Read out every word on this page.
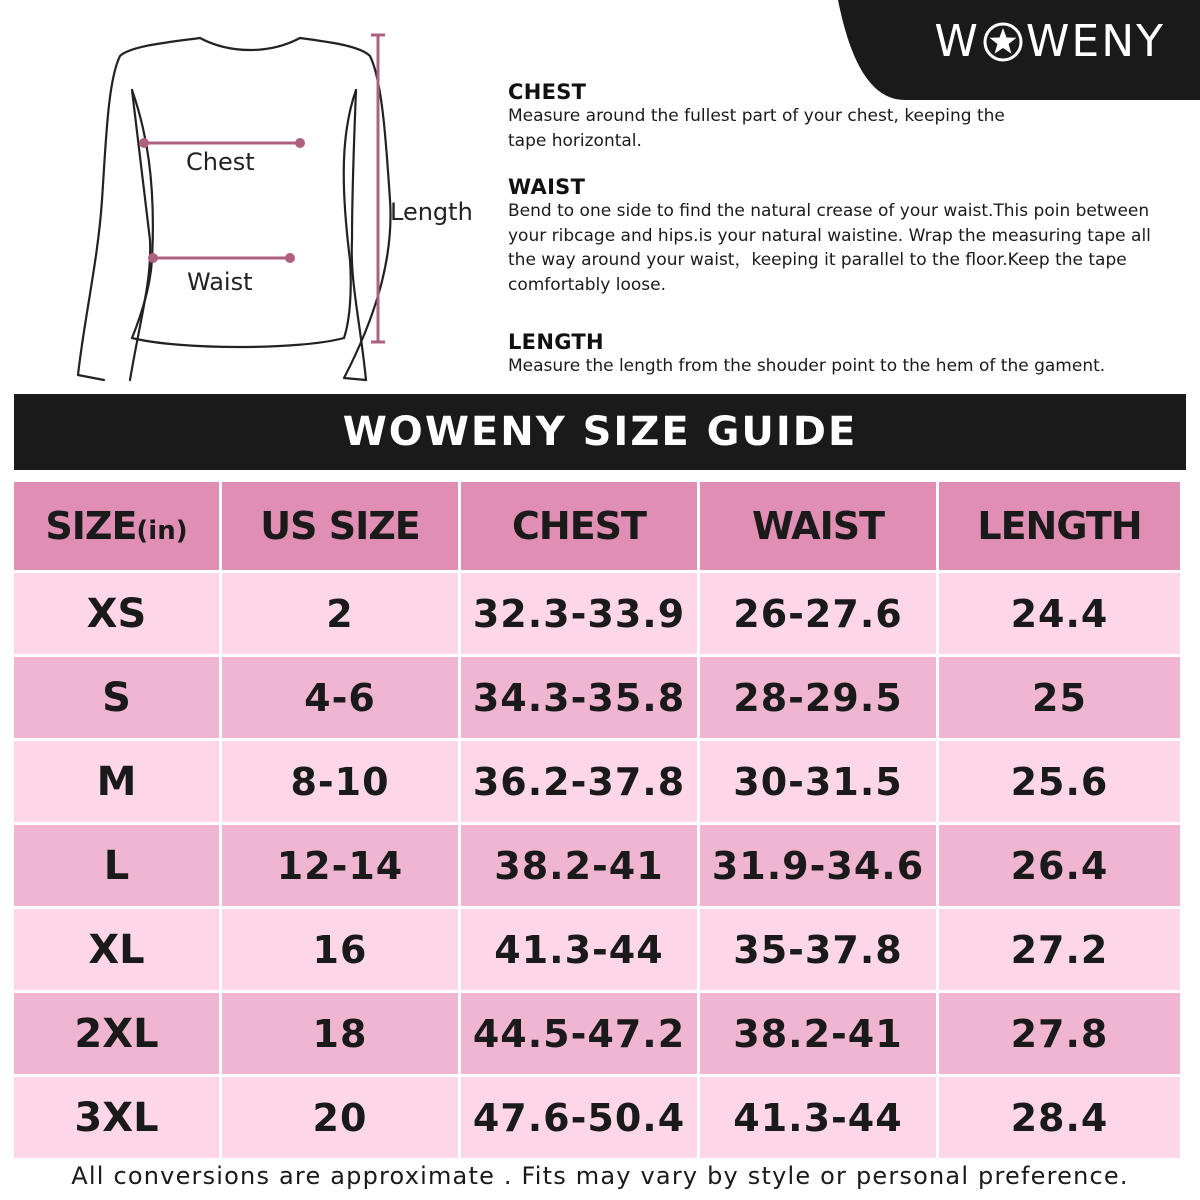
W WENY
Chest
Waist
Length
CHEST

Measure around the fullest part of your chest, keeping the tape horizontal.

WAIST

Bend to one side to find the natural crease of your waist.This poin between your ribcage and hips.is your natural waistine. Wrap the measuring tape all the way around your waist，keeping it parallel to the floor.Keep the tape comfortably loose.

LENGTH

Measure the length from the shouder point to the hem of the gament.

WOWENY SIZE GUIDE
SIZE(in)	US SIZE	CHEST	WAIST	LENGTH
XS	2	32.3-33.9	26-27.6	24.4
S	4-6	34.3-35.8	28-29.5	25
M	8-10	36.2-37.8	30-31.5	25.6
L	12-14	38.2-41	31.9-34.6	26.4
XL	16	41.3-44	35-37.8	27.2
2XL	18	44.5-47.2	38.2-41	27.8
3XL	20	47.6-50.4	41.3-44	28.4
All conversions are approximate . Fits may vary by style or personal preference.
